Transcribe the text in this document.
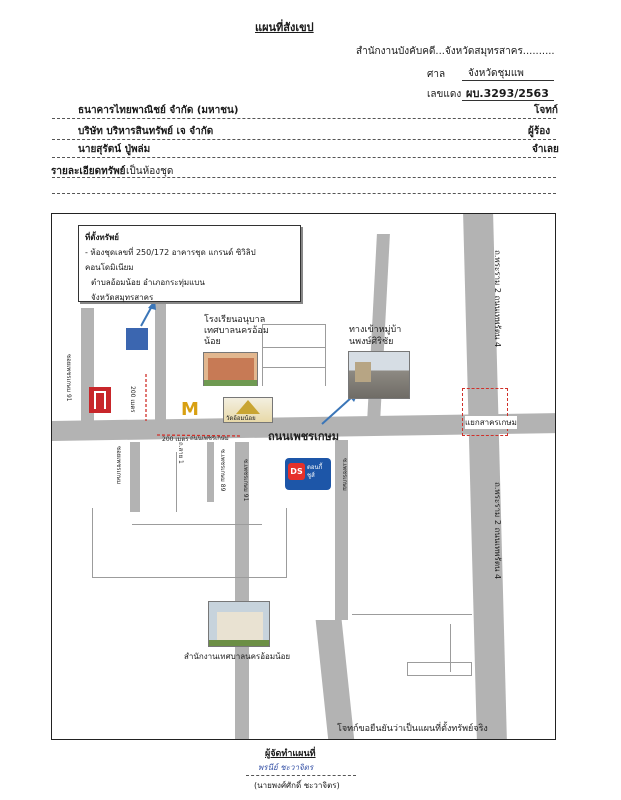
แผนที่สังเขป
สำนักงานบังคับคดี...จังหวัดสมุทรสาคร..........
ศาล จังหวัดชุมแพ
เลขแดง ผบ.3293/2563
ธนาคารไทยพาณิชย์ จำกัด (มหาชน)	โจทก์
บริษัท บริหารสินทรัพย์ เจ จำกัด	ผู้ร้อง
นายสุรัตน์ ปู่พล่ม	จำเลย
รายละเอียดทรัพย์ เป็นห้องชุด
ถ.พระราม 2 ถนนเทพรัตน 4
ถ.พระราม 2 ถนนเทพรัตน 4
ถนนเพชรเกษม
แยกสาครเกษม
200 เมตร
200 เมตร
ซอยเพชรเกษม 91
ซอยเพชรเกษม	ซ.เพชรเกษม 89	ซ.เพชรเกษม 91	ซ.เพชรเกษม
ถ.สาย 1
ถนนเพชรเกษม
M	วัดอ้อมน้อย
โรงเรียนอนุบาลเทศบาลนครอ้อมน้อย
ทางเข้าหมู่บ้านพงษ์ศิริชัย
DS ดอนกี้ ชูส์
สำนักงานเทศบาลนครอ้อมน้อย
ที่ตั้งทรัพย์
- ห้องชุดเลขที่ 250/172 อาคารชุด แกรนด์ ซิวิลิป คอนโดมิเนียม
ตำบลอ้อมน้อย อำเภอกระทุ่มแบน
จังหวัดสมุทรสาคร
โจทก์ขอยืนยันว่าเป็นแผนที่ตั้งทรัพย์จริง
ผู้จัดทำแผนที่
พรนีย์ ชะวาจิตร
(นายพงศ์ศักดิ์ ชะวาจิตร)
